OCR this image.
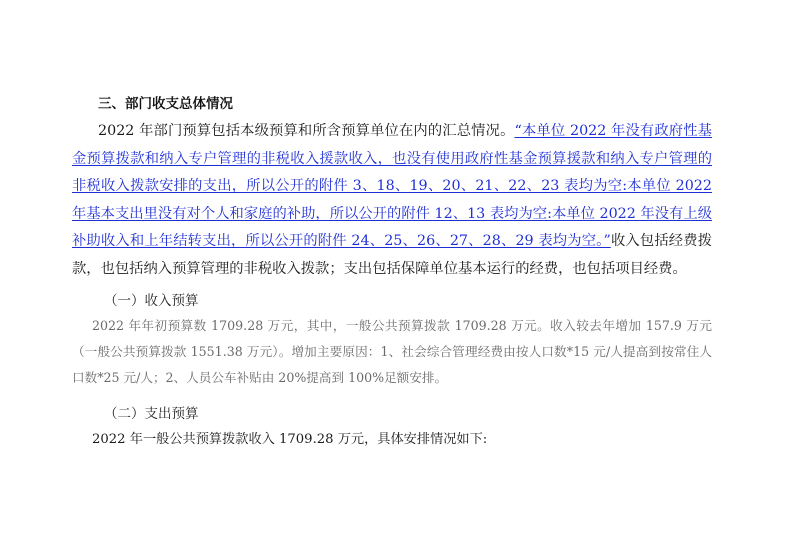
三、部门收支总体情况
2022 年部门预算包括本级预算和所含预算单位在内的汇总情况。“本单位 2022 年没有政府性基金预算拨款和纳入专户管理的非税收入援款收入，也没有使用政府性基金预算援款和纳入专户管理的非税收入拨款安排的支出，所以公开的附件 3、18、19、20、21、22、23 表均为空:本单位 2022 年基本支出里没有对个人和家庭的补助，所以公开的附件 12、13 表均为空:本单位 2022 年没有上级补助收入和上年结转支出，所以公开的附件 24、25、26、27、28、29 表均为空。”收入包括经费拨款，也包括纳入预算管理的非税收入拨款；支出包括保障单位基本运行的经费，也包括项目经费。
（一）收入预算
2022 年年初预算数 1709.28 万元，其中，一般公共预算拨款 1709.28 万元。收入较去年增加 157.9 万元（一般公共预算拨款 1551.38 万元）。增加主要原因：1、社会综合管理经费由按人口数*15 元/人提高到按常住人口数*25 元/人；2、人员公车补贴由 20%提高到 100%足额安排。
（二）支出预算
2022 年一般公共预算拨款收入 1709.28 万元，具体安排情况如下:
